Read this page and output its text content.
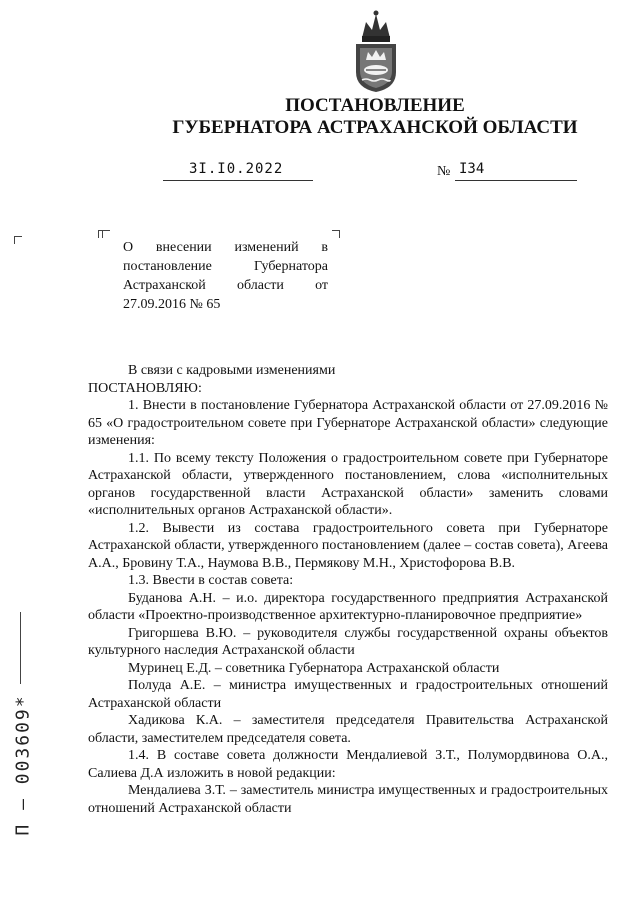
ПОСТАНОВЛЕНИЕ
ГУБЕРНАТОРА АСТРАХАНСКОЙ ОБЛАСТИ
3I.I0.2022	№ I34
О внесении изменений в постановление Губернатора Астраханской области от 27.09.2016 № 65

В связи с кадровыми изменениями

ПОСТАНОВЛЯЮ:

1. Внести в постановление Губернатора Астраханской области от 27.09.2016 № 65 «О градостроительном совете при Губернаторе Астраханской области» следующие изменения:

1.1. По всему тексту Положения о градостроительном совете при Губернаторе Астраханской области, утвержденного постановлением, слова «исполнительных органов государственной власти Астраханской области» заменить словами «исполнительных органов Астраханской области».

1.2. Вывести из состава градостроительного совета при Губернаторе Астраханской области, утвержденного постановлением (далее – состав совета), Агеева А.А., Бровину Т.А., Наумова В.В., Пермякову М.Н., Христофорова В.В.

1.3. Ввести в состав совета:

Буданова А.Н. – и.о. директора государственного предприятия Астраханской области «Проектно-производственное архитектурно-планировочное предприятие»

Григоршева В.Ю. – руководителя службы государственной охраны объектов культурного наследия Астраханской области

Муринец Е.Д. – советника Губернатора Астраханской области

Полуда А.Е. – министра имущественных и градостроительных отношений Астраханской области

Хадикова К.А. – заместителя председателя Правительства Астраханской области, заместителем председателя совета.

1.4. В составе совета должности Мендалиевой З.Т., Полумордвинова О.А., Салиева Д.А изложить в новой редакции:

Мендалиева З.Т. – заместитель министра имущественных и градостроительных отношений Астраханской области

П – 003609*
